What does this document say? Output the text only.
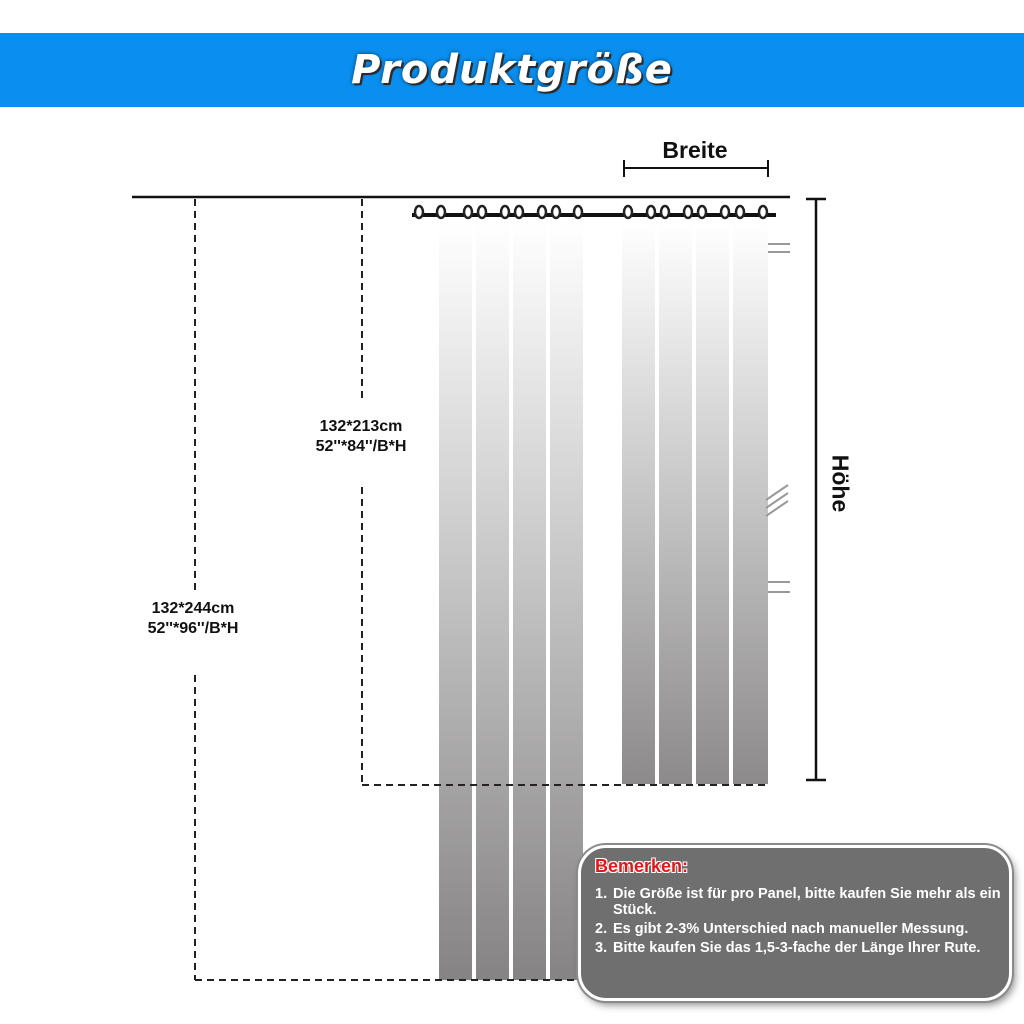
Produktgröße
Breite
Höhe
132*213cm
52''*84''/B*H
132*244cm
52''*96''/B*H
Bemerken:
1. Die Größe ist für pro Panel, bitte kaufen Sie mehr als ein Stück.
2. Es gibt 2-3% Unterschied nach manueller Messung.
3. Bitte kaufen Sie das 1,5-3-fache der Länge Ihrer Rute.
